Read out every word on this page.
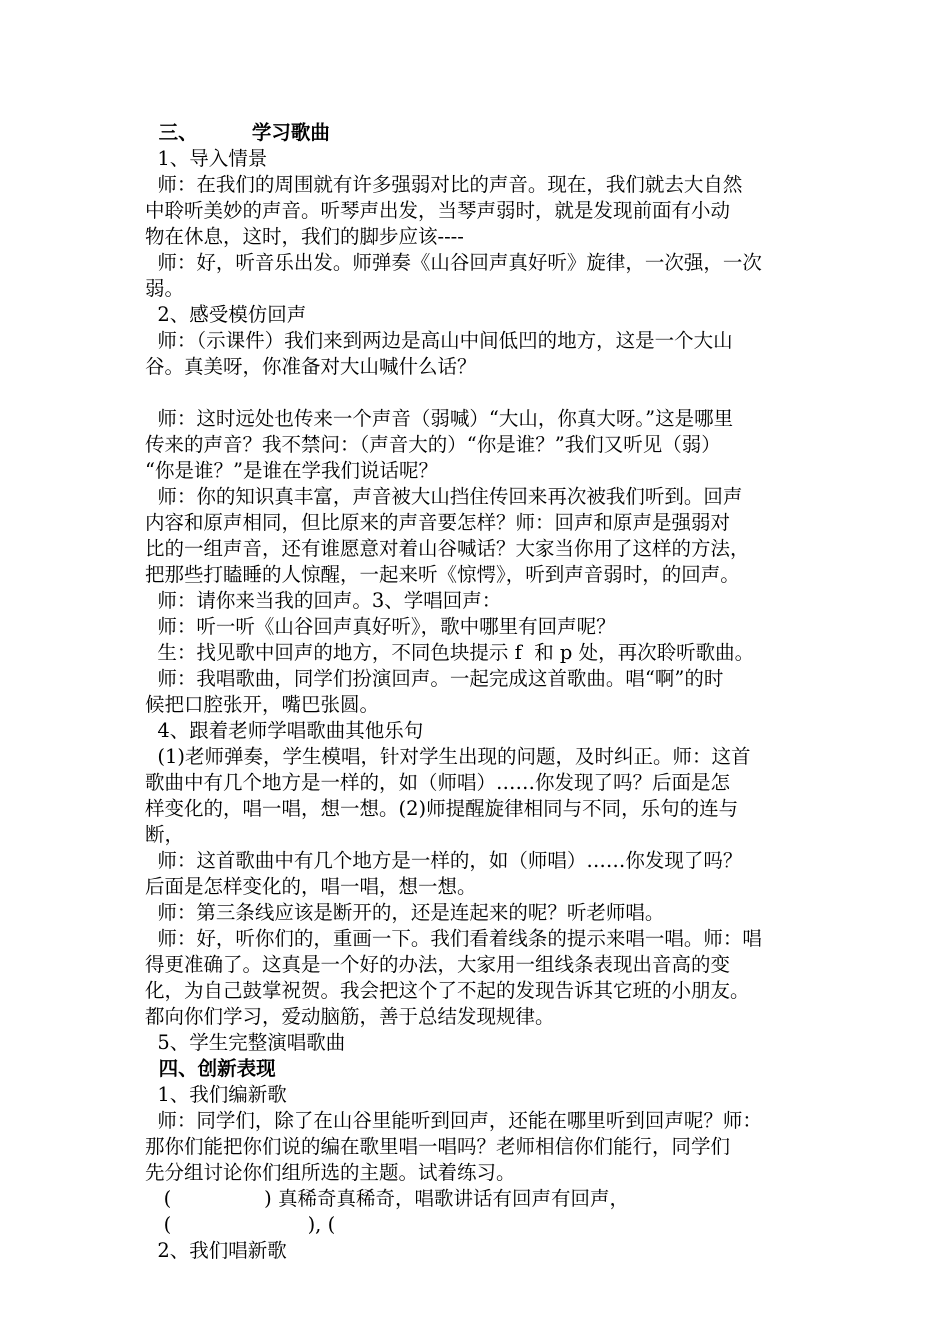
三、        学习歌曲
1、导入情景
师：在我们的周围就有许多强弱对比的声音。现在，我们就去大自然
中聆听美妙的声音。听琴声出发，当琴声弱时，就是发现前面有小动
物在休息，这时，我们的脚步应该----
师：好，听音乐出发。师弹奏《山谷回声真好听》旋律，一次强，一次
弱。
2、感受模仿回声
师：（示课件）我们来到两边是高山中间低凹的地方，这是一个大山
谷。真美呀，你准备对大山喊什么话？
师：这时远处也传来一个声音（弱喊）“大山，你真大呀。”这是哪里
传来的声音？我不禁问：（声音大的）“你是谁？”我们又听见（弱）
“你是谁？”是谁在学我们说话呢？
师：你的知识真丰富，声音被大山挡住传回来再次被我们听到。回声
内容和原声相同，但比原来的声音要怎样？师：回声和原声是强弱对
比的一组声音，还有谁愿意对着山谷喊话？大家当你用了这样的方法，
把那些打瞌睡的人惊醒，一起来听《惊愕》，听到声音弱时，的回声。
师：请你来当我的回声。3、学唱回声：
师：听一听《山谷回声真好听》，歌中哪里有回声呢？
生：找见歌中回声的地方，不同色块提示 f  和 p 处，再次聆听歌曲。
师：我唱歌曲，同学们扮演回声。一起完成这首歌曲。唱“啊”的时
候把口腔张开，嘴巴张圆。
4、跟着老师学唱歌曲其他乐句
(1)老师弹奏，学生模唱，针对学生出现的问题，及时纠正。师：这首
歌曲中有几个地方是一样的，如（师唱）……你发现了吗？后面是怎
样变化的，唱一唱，想一想。(2)师提醒旋律相同与不同，乐句的连与
断，
师：这首歌曲中有几个地方是一样的，如（师唱）……你发现了吗？
后面是怎样变化的，唱一唱，想一想。
师：第三条线应该是断开的，还是连起来的呢？听老师唱。
师：好，听你们的，重画一下。我们看着线条的提示来唱一唱。师：唱
得更准确了。这真是一个好的办法，大家用一组线条表现出音高的变
化，为自己鼓掌祝贺。我会把这个了不起的发现告诉其它班的小朋友。
都向你们学习，爱动脑筋，善于总结发现规律。
5、学生完整演唱歌曲
四、创新表现
1、我们编新歌
师：同学们，除了在山谷里能听到回声，还能在哪里听到回声呢？师：
那你们能把你们说的编在歌里唱一唱吗？老师相信你们能行，同学们
先分组讨论你们组所选的主题。试着练习。
(               ) 真稀奇真稀奇，唱歌讲话有回声有回声，
(                      ), (
2、我们唱新歌
